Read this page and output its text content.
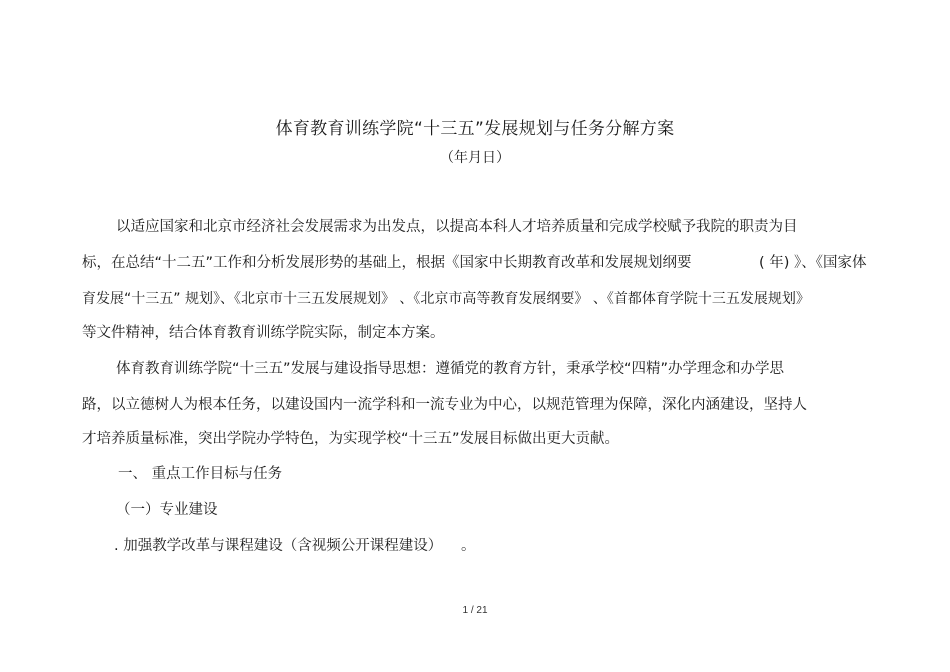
体育教育训练学院“十三五”发展规划与任务分解方案
（年月日）
以适应国家和北京市经济社会发展需求为出发点，以提高本科人才培养质量和完成学校赋予我院的职责为目
标，在总结“十二五”工作和分析发展形势的基础上，根据《国家中长期教育改革和发展规划纲要	( 年) 》、《国家体
育发展“十三五” 规划》、《北京市十三五发展规划》 、《北京市高等教育发展纲要》 、《首都体育学院十三五发展规划》
等文件精神，结合体育教育训练学院实际，制定本方案。
体育教育训练学院“十三五”发展与建设指导思想：遵循党的教育方针，秉承学校“四精”办学理念和办学思
路，以立德树人为根本任务，以建设国内一流学科和一流专业为中心，以规范管理为保障，深化内涵建设，坚持人
才培养质量标准，突出学院办学特色，为实现学校“十三五”发展目标做出更大贡献。
一、 重点工作目标与任务
（一）专业建设
. 加强教学改革与课程建设（含视频公开课程建设） 。
1 / 21
